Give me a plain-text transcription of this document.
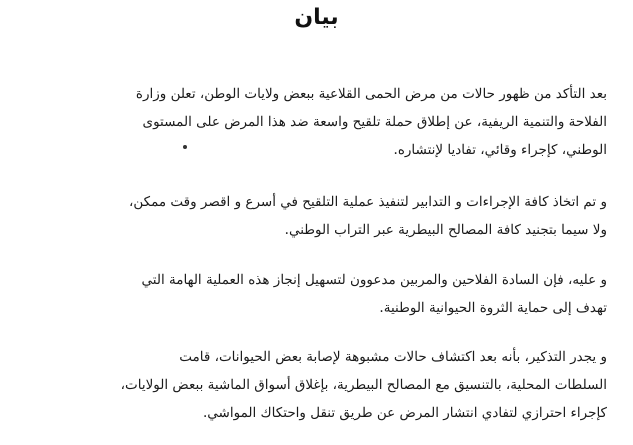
بيان
بعد التأكد من ظهور حالات من مرض الحمى القلاعية ببعض ولايات الوطن، تعلن وزارة
الفلاحة والتنمية الريفية، عن إطلاق حملة تلقيح واسعة ضد هذا المرض على المستوى
الوطني، كإجراء وقائي، تفاديا لإنتشاره.
و تم اتخاذ كافة الإجراءات و التدابير لتنفيذ عملية التلقيح في أسرع و اقصر وقت ممكن،
ولا سيما بتجنيد كافة المصالح البيطرية عبر التراب الوطني.
و عليه، فإن السادة الفلاحين والمربين مدعوون لتسهيل إنجاز هذه العملية الهامة التي
تهدف إلى حماية الثروة الحيوانية الوطنية.
و يجدر التذكير، بأنه بعد اكتشاف حالات مشبوهة لإصابة بعض الحيوانات، قامت
السلطات المحلية، بالتنسيق مع المصالح البيطرية، بإغلاق أسواق الماشية ببعض الولايات،
كإجراء احترازي لتفادي انتشار المرض عن طريق تنقل واحتكاك المواشي.
